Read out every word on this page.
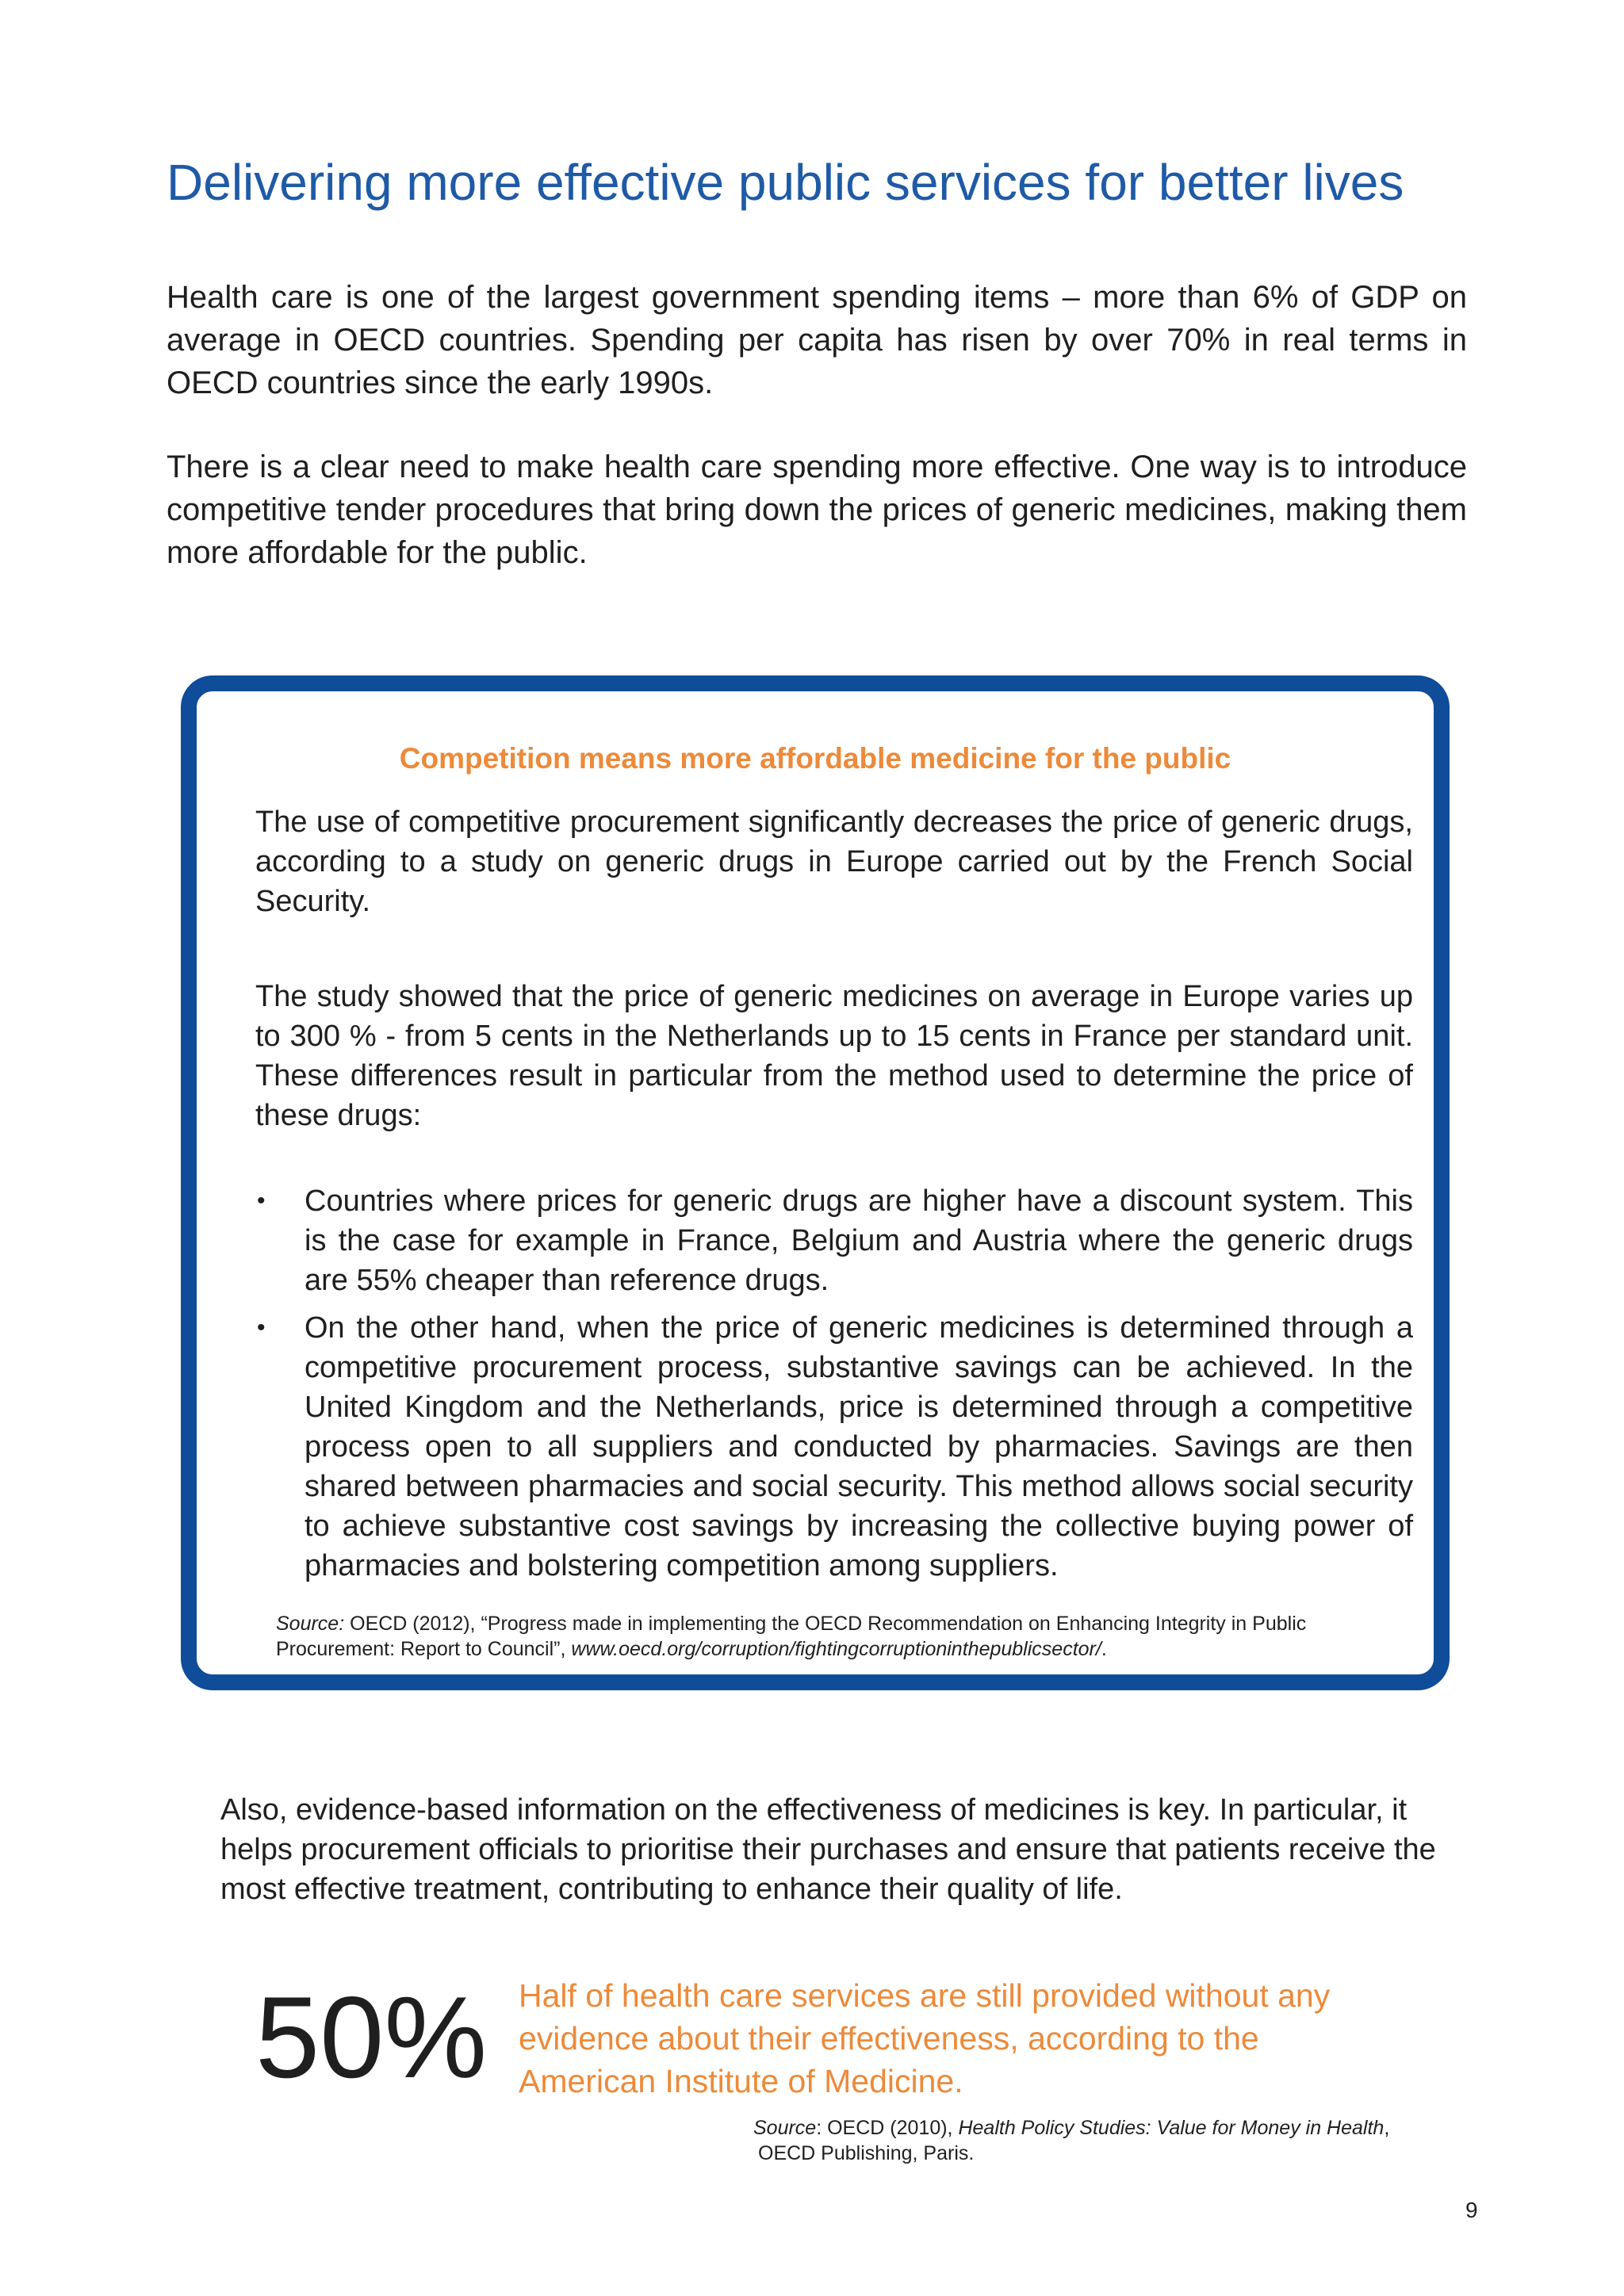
Delivering more effective public services for better lives

Health care is one of the largest government spending items – more than 6% of GDP on average in OECD countries. Spending per capita has risen by over 70% in real terms in OECD countries since the early 1990s.

There is a clear need to make health care spending more effective. One way is to introduce competitive tender procedures that bring down the prices of generic medicines, making them more affordable for the public.

Competition means more affordable medicine for the public

The use of competitive procurement significantly decreases the price of generic drugs, according to a study on generic drugs in Europe carried out by the French Social Security.

The study showed that the price of generic medicines on average in Europe varies up to 300 % - from 5 cents in the Netherlands up to 15 cents in France per standard unit. These differences result in particular from the method used to determine the price of these drugs:

• Countries where prices for generic drugs are higher have a discount system. This is the case for example in France, Belgium and Austria where the generic drugs are 55% cheaper than reference drugs.
• On the other hand, when the price of generic medicines is determined through a competitive procurement process, substantive savings can be achieved. In the United Kingdom and the Netherlands, price is determined through a competitive process open to all suppliers and conducted by pharmacies. Savings are then shared between pharmacies and social security. This method allows social security to achieve substantive cost savings by increasing the collective buying power of pharmacies and bolstering competition among suppliers.

Source: OECD (2012), “Progress made in implementing the OECD Recommendation on Enhancing Integrity in Public Procurement: Report to Council”, www.oecd.org/corruption/fightingcorruptioninthepublicsector/.

Also, evidence-based information on the effectiveness of medicines is key. In particular, it helps procurement officials to prioritise their purchases and ensure that patients receive the most effective treatment, contributing to enhance their quality of life.

50% Half of health care services are still provided without any evidence about their effectiveness, according to the American Institute of Medicine.

Source: OECD (2010), Health Policy Studies: Value for Money in Health,
OECD Publishing, Paris.

9
